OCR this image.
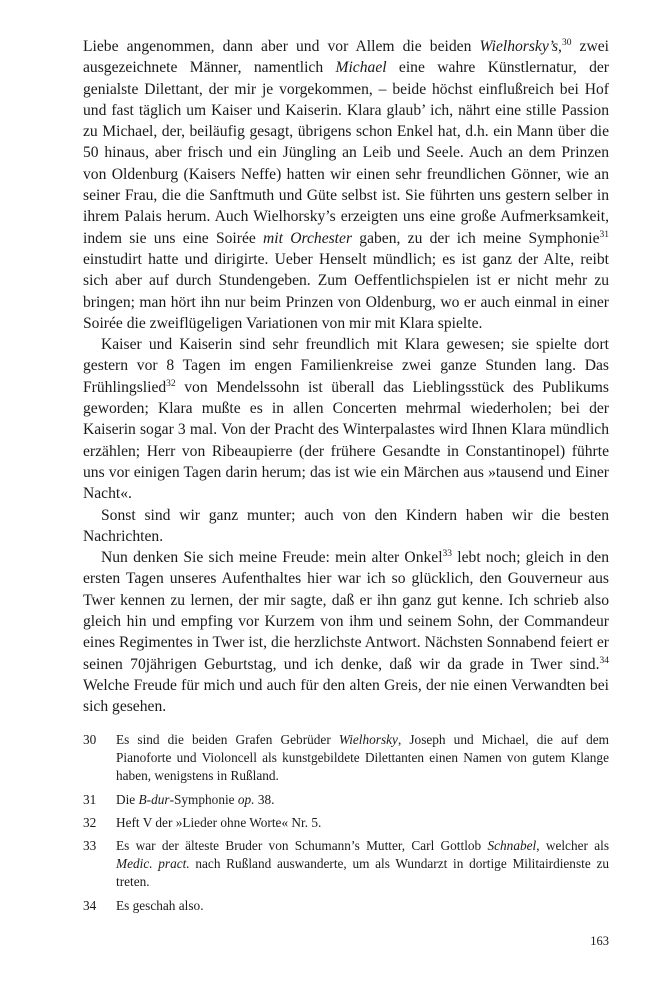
Liebe angenommen, dann aber und vor Allem die beiden Wielhorsky’s,$^{30}$ zwei ausgezeichnete Männer, namentlich Michael eine wahre Künstlernatur, der genialste Dilettant, der mir je vorgekommen, – beide höchst einflußreich bei Hof und fast täglich um Kaiser und Kaiserin. Klara glaub’ ich, nährt eine stille Passion zu Michael, der, beiläufig gesagt, übrigens schon Enkel hat, d.h. ein Mann über die 50 hinaus, aber frisch und ein Jüngling an Leib und Seele. Auch an dem Prinzen von Oldenburg (Kaisers Neffe) hatten wir einen sehr freundlichen Gönner, wie an seiner Frau, die die Sanftmuth und Güte selbst ist. Sie führten uns gestern selber in ihrem Palais herum. Auch Wielhorsky’s erzeigten uns eine große Aufmerksamkeit, indem sie uns eine Soirée mit Orchester gaben, zu der ich meine Symphonie$^{31}$ einstudirt hatte und dirigirte. Ueber Henselt mündlich; es ist ganz der Alte, reibt sich aber auf durch Stundengeben. Zum Oeffentlichspielen ist er nicht mehr zu bringen; man hört ihn nur beim Prinzen von Oldenburg, wo er auch einmal in einer Soirée die zweiflügeligen Variationen von mir mit Klara spielte.

Kaiser und Kaiserin sind sehr freundlich mit Klara gewesen; sie spielte dort gestern vor 8 Tagen im engen Familienkreise zwei ganze Stunden lang. Das Frühlingslied$^{32}$ von Mendelssohn ist überall das Lieblingsstück des Publikums geworden; Klara mußte es in allen Concerten mehrmal wiederholen; bei der Kaiserin sogar 3 mal. Von der Pracht des Winterpalastes wird Ihnen Klara mündlich erzählen; Herr von Ribeaupierre (der frühere Gesandte in Constantinopel) führte uns vor einigen Tagen darin herum; das ist wie ein Märchen aus »tausend und Einer Nacht«.

Sonst sind wir ganz munter; auch von den Kindern haben wir die besten Nachrichten.

Nun denken Sie sich meine Freude: mein alter Onkel$^{33}$ lebt noch; gleich in den ersten Tagen unseres Aufenthaltes hier war ich so glücklich, den Gouverneur aus Twer kennen zu lernen, der mir sagte, daß er ihn ganz gut kenne. Ich schrieb also gleich hin und empfing vor Kurzem von ihm und seinem Sohn, der Commandeur eines Regimentes in Twer ist, die herzlichste Antwort. Nächsten Sonnabend feiert er seinen 70jährigen Geburtstag, und ich denke, daß wir da grade in Twer sind.$^{34}$ Welche Freude für mich und auch für den alten Greis, der nie einen Verwandten bei sich gesehen.

30	Es sind die beiden Grafen Gebrüder Wielhorsky, Joseph und Michael, die auf dem Pianoforte und Violoncell als kunstgebildete Dilettanten einen Namen von gutem Klange haben, wenigstens in Rußland.
31	Die B-dur-Symphonie op. 38.
32	Heft V der »Lieder ohne Worte« Nr. 5.
33	Es war der älteste Bruder von Schumann’s Mutter, Carl Gottlob Schnabel, welcher als Medic. pract. nach Rußland auswanderte, um als Wundarzt in dortige Militairdienste zu treten.
34	Es geschah also.
163
